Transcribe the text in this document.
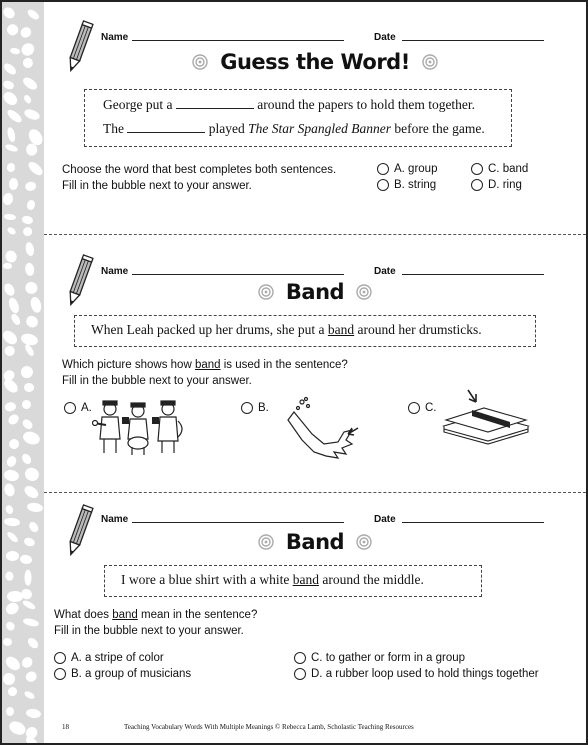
Name	Date
Guess the Word!
George put a	around the papers to hold them together.
The	played The Star Spangled Banner before the game.
Choose the word that best completes both sentences.
Fill in the bubble next to your answer.
A. group
B. string
C. band
D. ring
Name	Date
Band
When Leah packed up her drums, she put a band around her drumsticks.
Which picture shows how band is used in the sentence?
Fill in the bubble next to your answer.
A.	B.	C.
Name	Date
Band
I wore a blue shirt with a white band around the middle.
What does band mean in the sentence?
Fill in the bubble next to your answer.
A. a stripe of color
B. a group of musicians
C. to gather or form in a group
D. a rubber loop used to hold things together
18	Teaching Vocabulary Words With Multiple Meanings © Rebecca Lamb, Scholastic Teaching Resources
